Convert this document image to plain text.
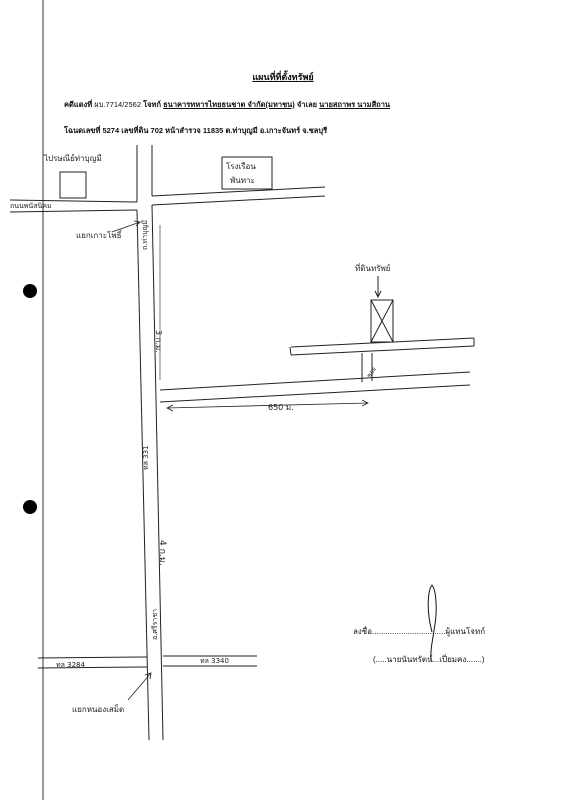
แผนที่ที่ตั้งทรัพย์
คดีแดงที่ ผบ.7714/2562 โจทก์ ธนาคารทหารไทยธนชาต จำกัด(มหาชน) จำเลย นายสถาพร นามสีถาน
โฉนดเลขที่ 5274 เลขที่ดิน 702 หน้าสำรวจ 11835 ต.ท่าบุญมี อ.เกาะจันทร์ จ.ชลบุรี
ไปรษณีย์ท่าบุญมี
โรงเรือน
พันทาะ
ถนนพนัสนิคม
แยกเกาะโพธิ์	ถ.ท่าบุญมี
3 ก.ม.
ที่ดินทรัพย์
ซอย
650 ม.
ทล 331
4 ก.ม.
อ.ศรีราชา
ทล 3284	ทล 3340
แยกหนองเสม็ด
ลงชื่อ.................................ผู้แทนโจทก์
(.....นายนันทรัตน์...เปี่ยมคง.......)
